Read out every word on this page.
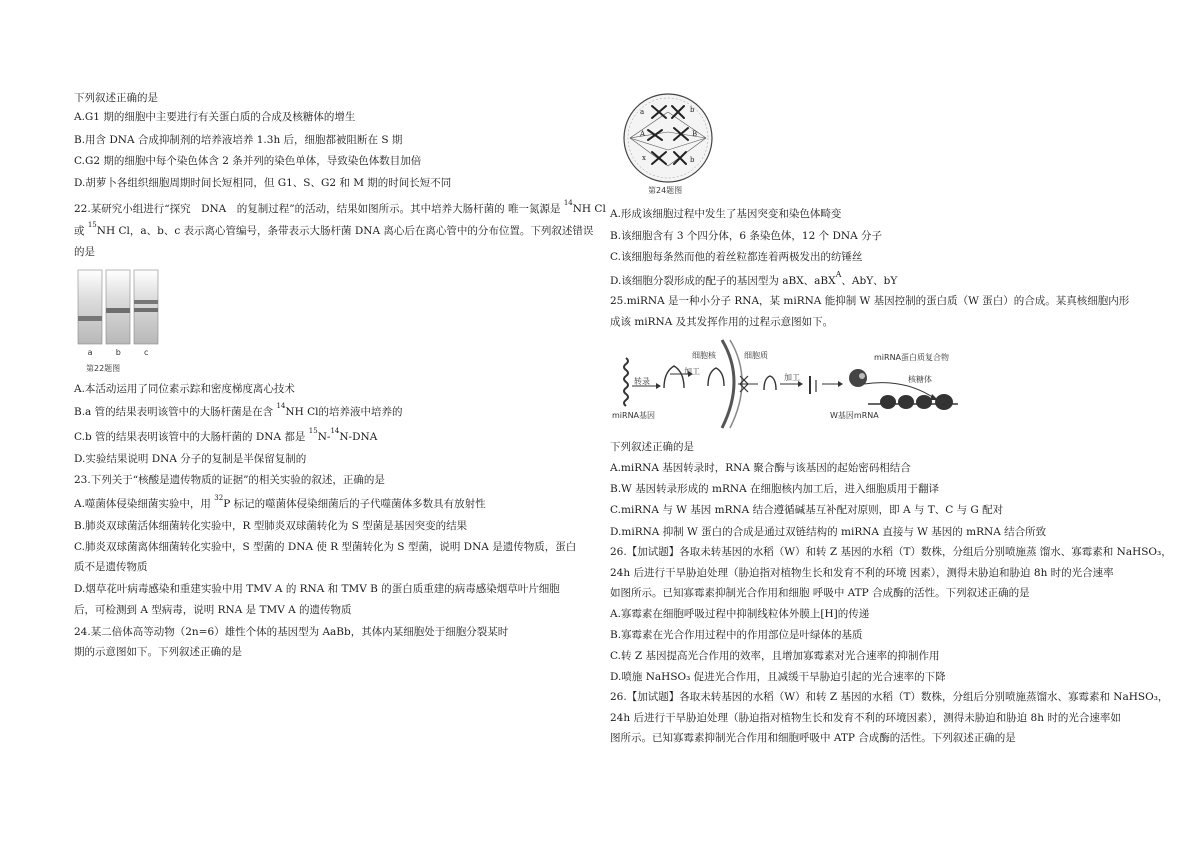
下列叙述正确的是
A.G1 期的细胞中主要进行有关蛋白质的合成及核糖体的增生
B.用含 DNA 合成抑制剂的培养液培养 1.3h 后，细胞都被阻断在 S 期
C.G2 期的细胞中每个染色体含 2 条并列的染色单体，导致染色体数目加倍
D.胡萝卜各组织细胞周期时间长短相同，但 G1、S、G2 和 M 期的时间长短不同
22.某研究小组进行“探究　DNA　的复制过程”的活动，结果如图所示。其中培养大肠杆菌的 唯一氮源是 $^{14}$NH Cl
或 $^{15}$NH Cl，a、b、c 表示离心管编号，条带表示大肠杆菌 DNA 离心后在离心管中的分布位置。下列叙述错误
的是
a	b	c
第22题图
A.本活动运用了同位素示踪和密度梯度离心技术
B.a 管的结果表明该管中的大肠杆菌是在含 $^{14}$NH Cl的培养液中培养的
C.b 管的结果表明该管中的大肠杆菌的 DNA 都是 $^{15}$N-$^{14}$N-DNA
D.实验结果说明 DNA 分子的复制是半保留复制的
23.下列关于“核酸是遗传物质的证据”的相关实验的叙述，正确的是
A.噬菌体侵染细菌实验中，用 $^{32}$P 标记的噬菌体侵染细菌后的子代噬菌体多数具有放射性
B.肺炎双球菌活体细菌转化实验中，R 型肺炎双球菌转化为 S 型菌是基因突变的结果
C.肺炎双球菌离体细菌转化实验中，S 型菌的 DNA 使 R 型菌转化为 S 型菌，说明 DNA 是遗传物质，蛋白
质不是遗传物质
D.烟草花叶病毒感染和重建实验中用 TMV A 的 RNA 和 TMV B 的蛋白质重建的病毒感染烟草叶片细胞
后，可检测到 A 型病毒，说明 RNA 是 TMV A 的遗传物质
24.某二倍体高等动物（2n=6）雄性个体的基因型为 AaBb，其体内某细胞处于细胞分裂某时
期的示意图如下。下列叙述正确的是
a	b
A	B
x	b
第24题图
A.形成该细胞过程中发生了基因突变和染色体畸变
B.该细胞含有 3 个四分体，6 条染色体，12 个 DNA 分子
C.该细胞每条然而他的着丝粒都连着两极发出的纺锤丝
D.该细胞分裂形成的配子的基因型为 aBX、aBX$^A$、AbY、bY
25.miRNA 是一种小分子 RNA，某 miRNA 能抑制 W 基因控制的蛋白质（W 蛋白）的合成。某真核细胞内形
成该 miRNA 及其发挥作用的过程示意图如下。
细胞核	细胞质
转录
加工
加工
miRNA基因
miRNA蛋白质复合物
核糖体
W基因mRNA
下列叙述正确的是
A.miRNA 基因转录时，RNA 聚合酶与该基因的起始密码相结合
B.W 基因转录形成的 mRNA 在细胞核内加工后，进入细胞质用于翻译
C.miRNA 与 W 基因 mRNA 结合遵循碱基互补配对原则，即 A 与 T、C 与 G 配对
D.miRNA 抑制 W 蛋白的合成是通过双链结构的 miRNA 直接与 W 基因的 mRNA 结合所致
26.【加试题】各取未转基因的水稻（W）和转 Z 基因的水稻（T）数株，分组后分别喷施蒸 馏水、寡霉素和 NaHSO₃，
24h 后进行干旱胁迫处理（胁迫指对植物生长和发育不利的环境 因素），测得未胁迫和胁迫 8h 时的光合速率
如图所示。已知寡霉素抑制光合作用和细胞 呼吸中 ATP 合成酶的活性。下列叙述正确的是
A.寡霉素在细胞呼吸过程中抑制线粒体外膜上[H]的传递
B.寡霉素在光合作用过程中的作用部位是叶绿体的基质
C.转 Z 基因提高光合作用的效率，且增加寡霉素对光合速率的抑制作用
D.喷施 NaHSO₃ 促进光合作用，且减缓干旱胁迫引起的光合速率的下降
26.【加试题】各取未转基因的水稻（W）和转 Z 基因的水稻（T）数株，分组后分别喷施蒸馏水、寡霉素和 NaHSO₃，
24h 后进行干旱胁迫处理（胁迫指对植物生长和发育不利的环境因素），测得未胁迫和胁迫 8h 时的光合速率如
图所示。已知寡霉素抑制光合作用和细胞呼吸中 ATP 合成酶的活性。下列叙述正确的是
